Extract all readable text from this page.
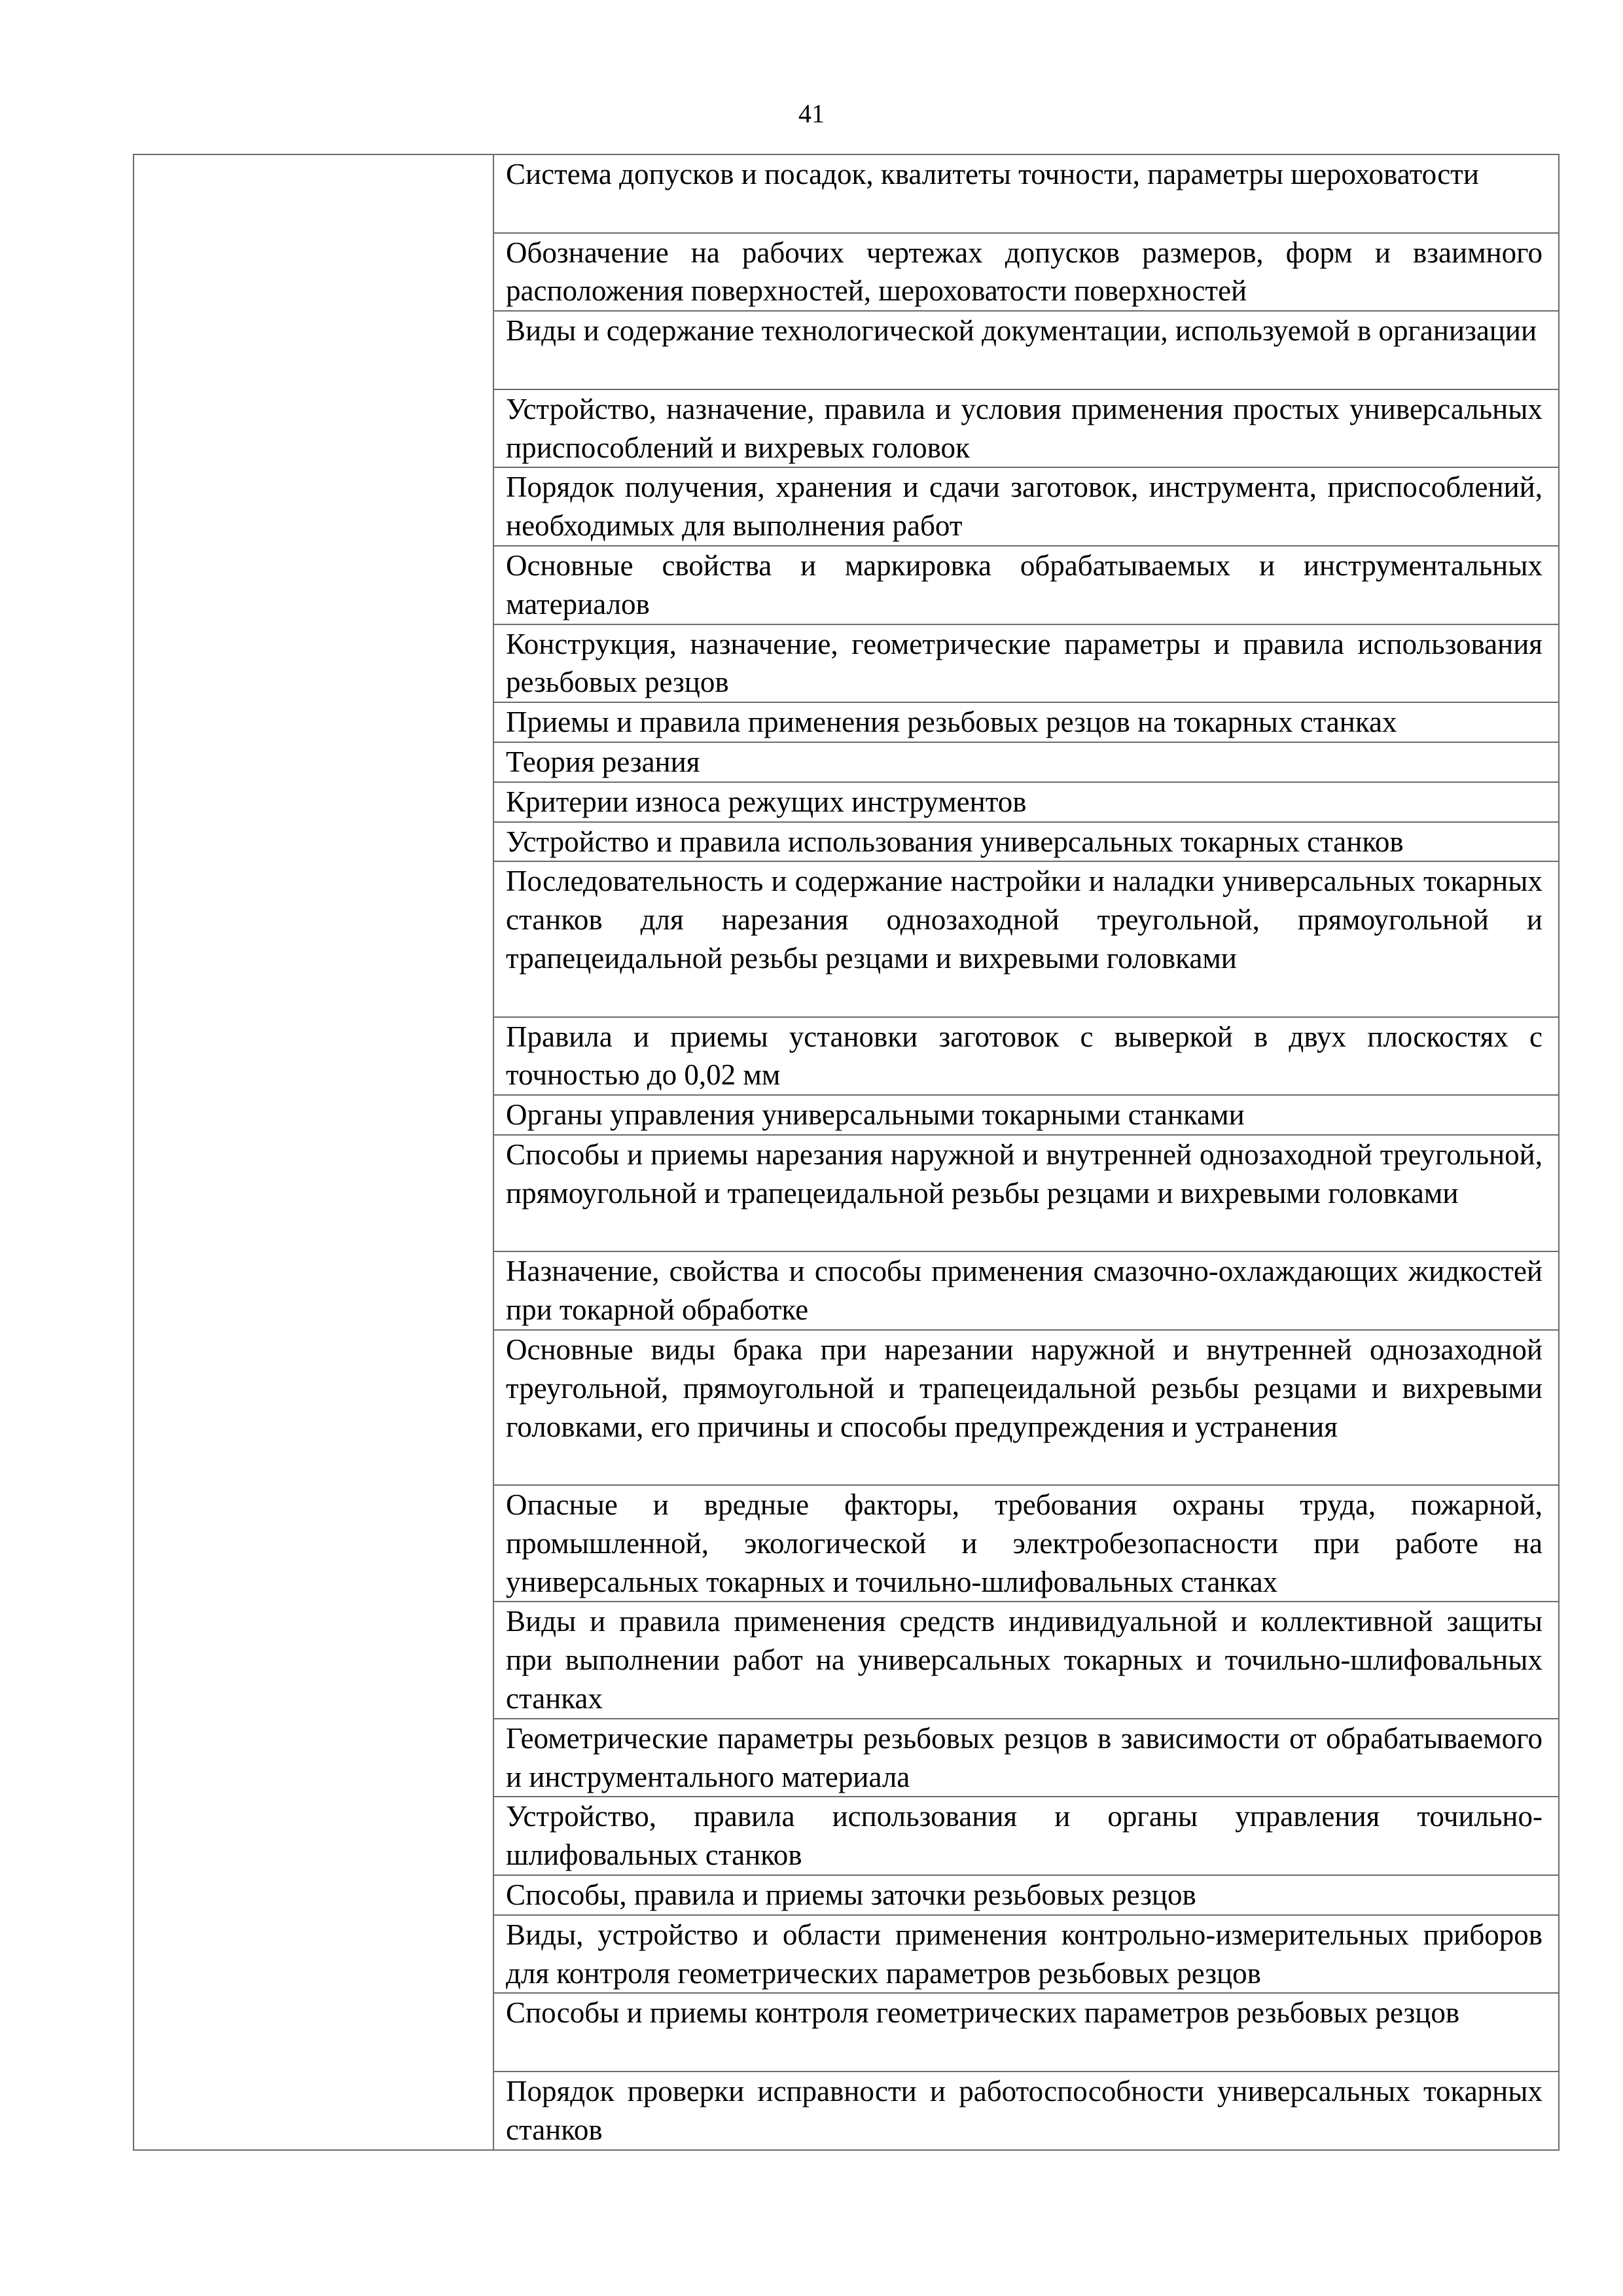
41

Система допусков и посадок, квалитеты точности, параметры шероховатости

Обозначение на рабочих чертежах допусков размеров, форм и взаимного расположения поверхностей, шероховатости поверхностей

Виды и содержание технологической документации, используемой в организации

Устройство, назначение, правила и условия применения простых универсальных приспособлений и вихревых головок

Порядок получения, хранения и сдачи заготовок, инструмента, приспособлений, необходимых для выполнения работ

Основные свойства и маркировка обрабатываемых и инструментальных материалов

Конструкция, назначение, геометрические параметры и правила использования резьбовых резцов

Приемы и правила применения резьбовых резцов на токарных станках

Теория резания

Критерии износа режущих инструментов

Устройство и правила использования универсальных токарных станков

Последовательность и содержание настройки и наладки универсальных токарных станков для нарезания однозаходной треугольной, прямоугольной и трапецеидальной резьбы резцами и вихревыми головками

Правила и приемы установки заготовок с выверкой в двух плоскостях с точностью до 0,02 мм

Органы управления универсальными токарными станками

Способы и приемы нарезания наружной и внутренней однозаходной треугольной, прямоугольной и трапецеидальной резьбы резцами и вихревыми головками

Назначение, свойства и способы применения смазочно-охлаждающих жидкостей при токарной обработке

Основные виды брака при нарезании наружной и внутренней однозаходной треугольной, прямоугольной и трапецеидальной резьбы резцами и вихревыми головками, его причины и способы предупреждения и устранения

Опасные и вредные факторы, требования охраны труда, пожарной, промышленной, экологической и электробезопасности при работе на универсальных токарных и точильно-шлифовальных станках

Виды и правила применения средств индивидуальной и коллективной защиты при выполнении работ на универсальных токарных и точильно-шлифовальных станках

Геометрические параметры резьбовых резцов в зависимости от обрабатываемого и инструментального материала

Устройство, правила использования и органы управления точильно-шлифовальных станков

Способы, правила и приемы заточки резьбовых резцов

Виды, устройство и области применения контрольно-измерительных приборов для контроля геометрических параметров резьбовых резцов

Способы и приемы контроля геометрических параметров резьбовых резцов

Порядок проверки исправности и работоспособности универсальных токарных станков
